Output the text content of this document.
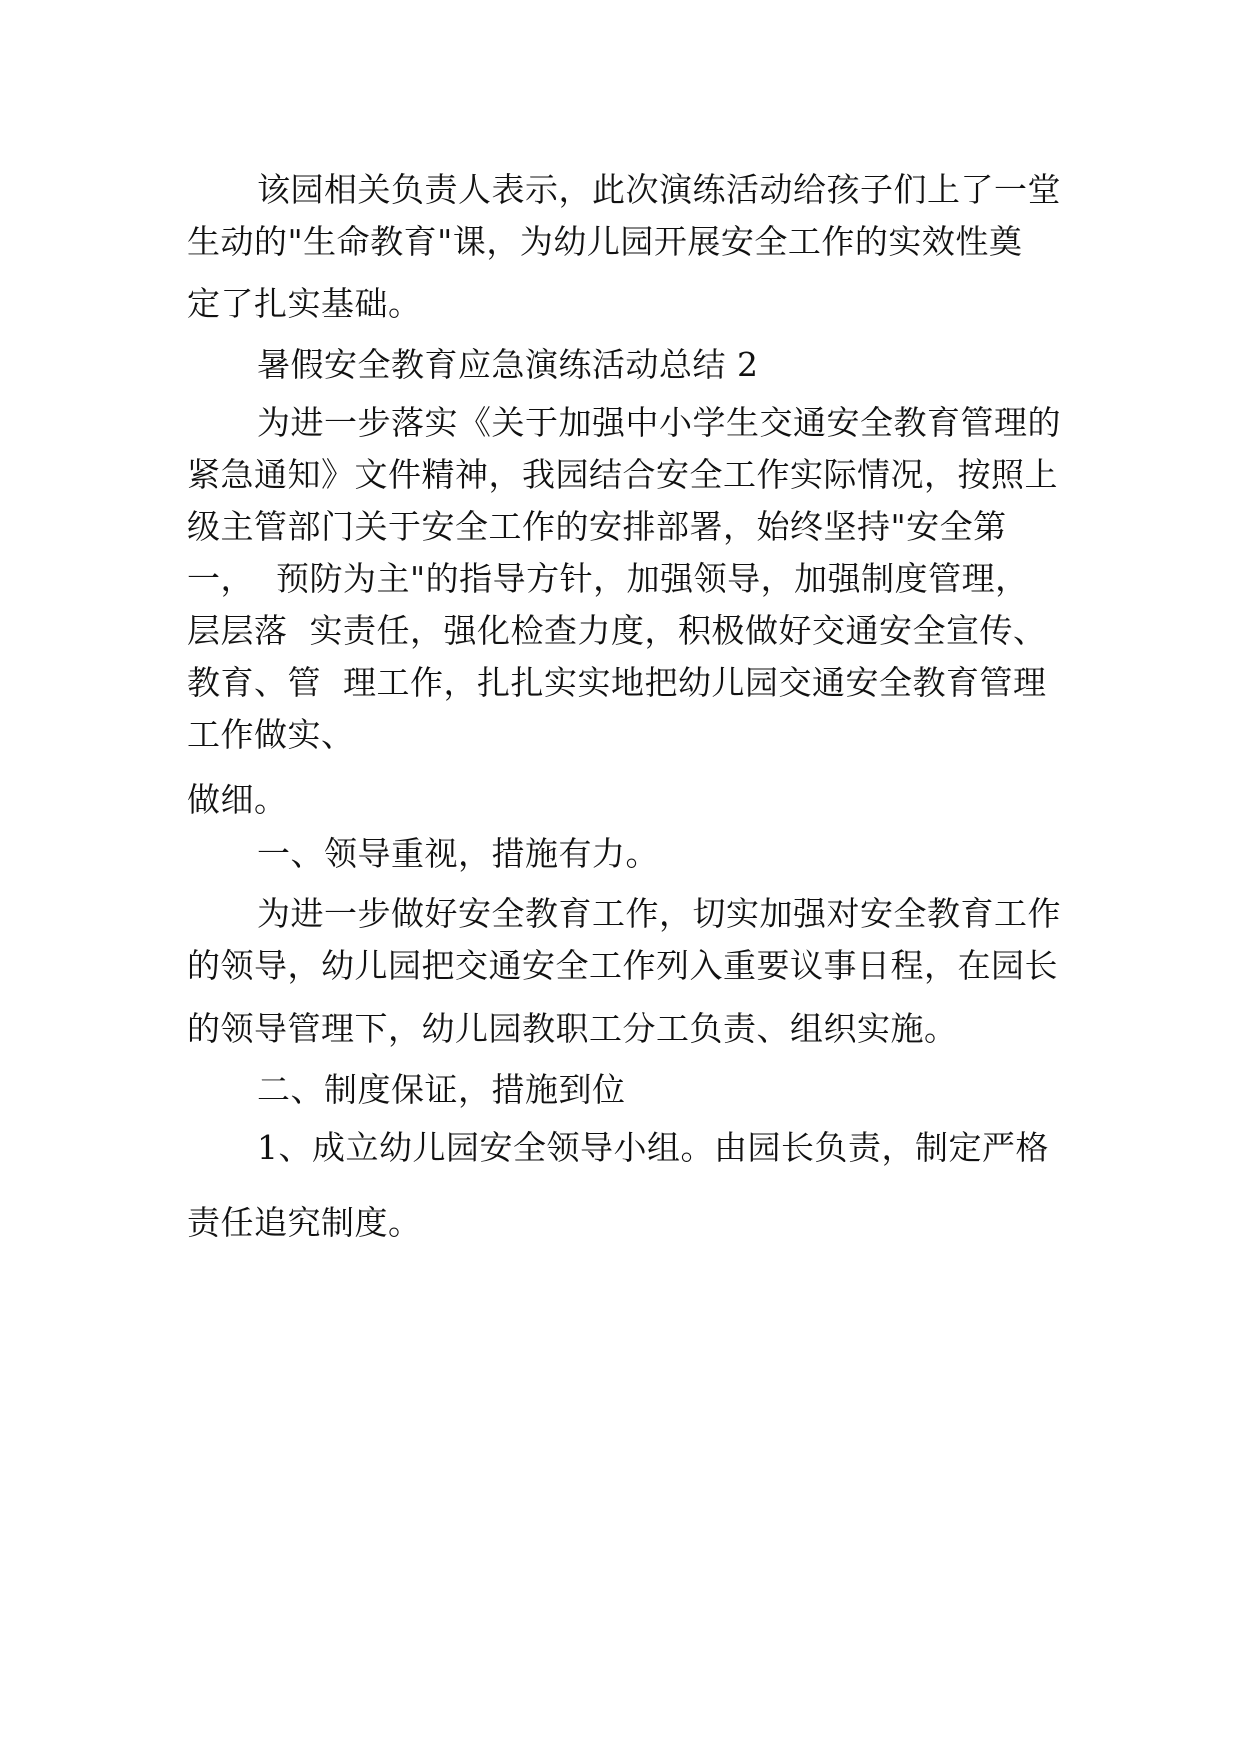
该园相关负责人表示，此次演练活动给孩子们上了一堂
生动的"生命教育"课，为幼儿园开展安全工作的实效性奠
定了扎实基础。
暑假安全教育应急演练活动总结 2
为进一步落实《关于加强中小学生交通安全教育管理的
紧急通知》文件精神，我园结合安全工作实际情况，按照上
级主管部门关于安全工作的安排部署，始终坚持"安全第
一，  预防为主"的指导方针，加强领导，加强制度管理，
层层落  实责任，强化检查力度，积极做好交通安全宣传、
教育、管  理工作，扎扎实实地把幼儿园交通安全教育管理
工作做实、
做细。
一、领导重视，措施有力。
为进一步做好安全教育工作，切实加强对安全教育工作
的领导，幼儿园把交通安全工作列入重要议事日程，在园长
的领导管理下，幼儿园教职工分工负责、组织实施。
二、制度保证，措施到位
1、成立幼儿园安全领导小组。由园长负责，制定严格
责任追究制度。
